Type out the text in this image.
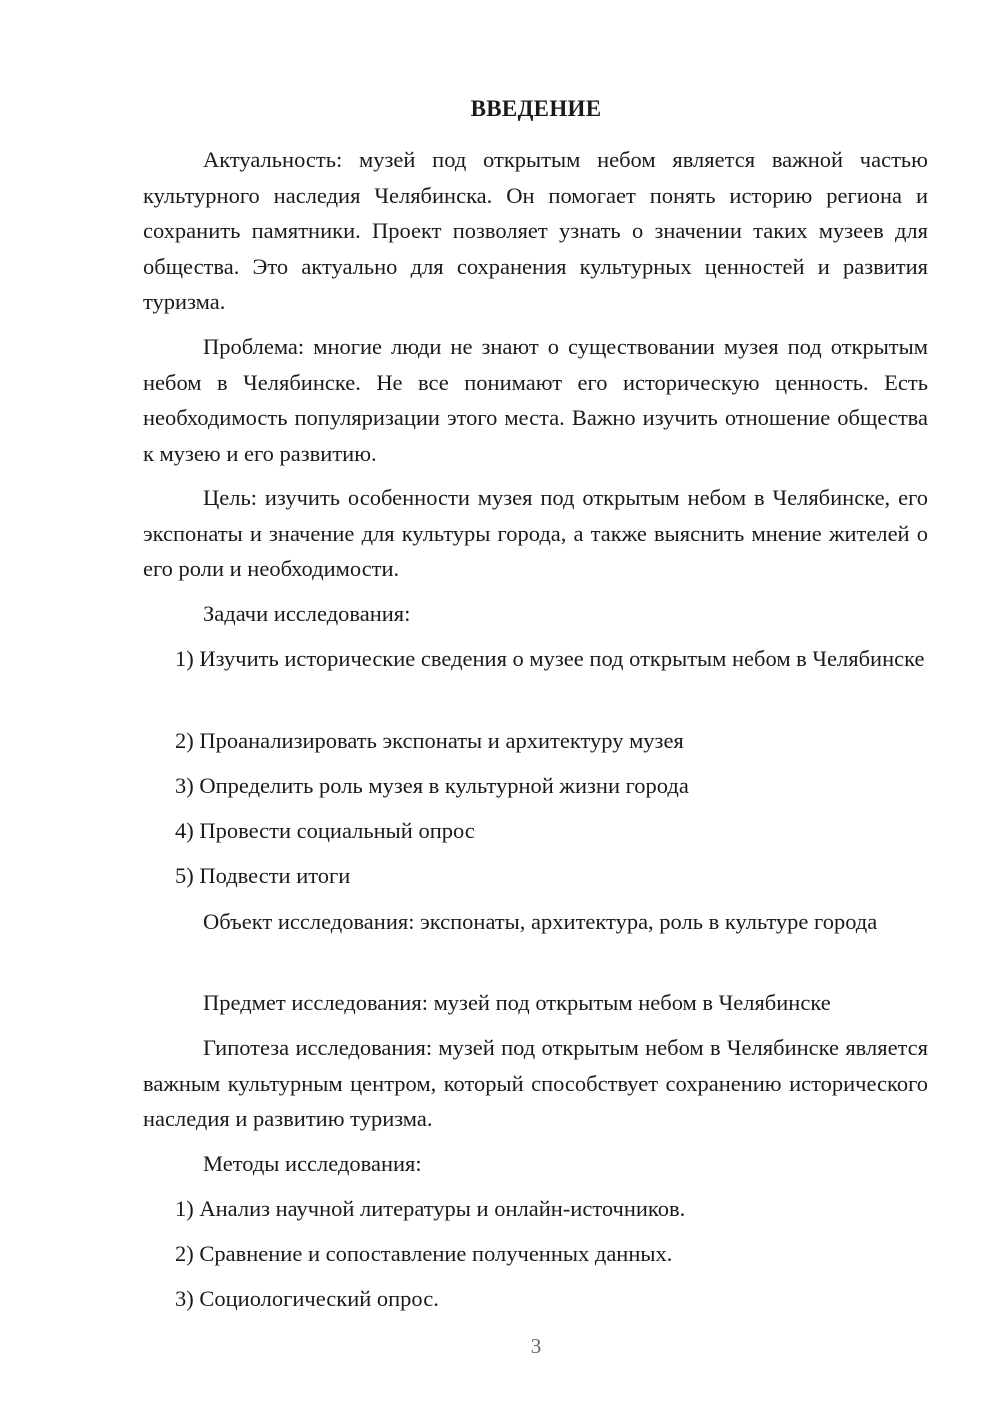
ВВЕДЕНИЕ

Актуальность: музей под открытым небом является важной частью культурного наследия Челябинска. Он помогает понять историю региона и сохранить памятники. Проект позволяет узнать о значении таких музеев для общества. Это актуально для сохранения культурных ценностей и развития туризма.

Проблема: многие люди не знают о существовании музея под открытым небом в Челябинске. Не все понимают его историческую ценность. Есть необходимость популяризации этого места. Важно изучить отношение общества к музею и его развитию.

Цель: изучить особенности музея под открытым небом в Челябинске, его экспонаты и значение для культуры города, а также выяснить мнение жителей о его роли и необходимости.

Задачи исследования:

1) Изучить исторические сведения о музее под открытым небом в Челябинске

2) Проанализировать экспонаты и архитектуру музея

3) Определить роль музея в культурной жизни города

4) Провести социальный опрос

5) Подвести итоги

Объект исследования: экспонаты, архитектура, роль в культуре города

Предмет исследования: музей под открытым небом в Челябинске

Гипотеза исследования: музей под открытым небом в Челябинске является важным культурным центром, который способствует сохранению исторического наследия и развитию туризма.

Методы исследования:

1) Анализ научной литературы и онлайн-источников.

2) Сравнение и сопоставление полученных данных.

3) Социологический опрос.

3
